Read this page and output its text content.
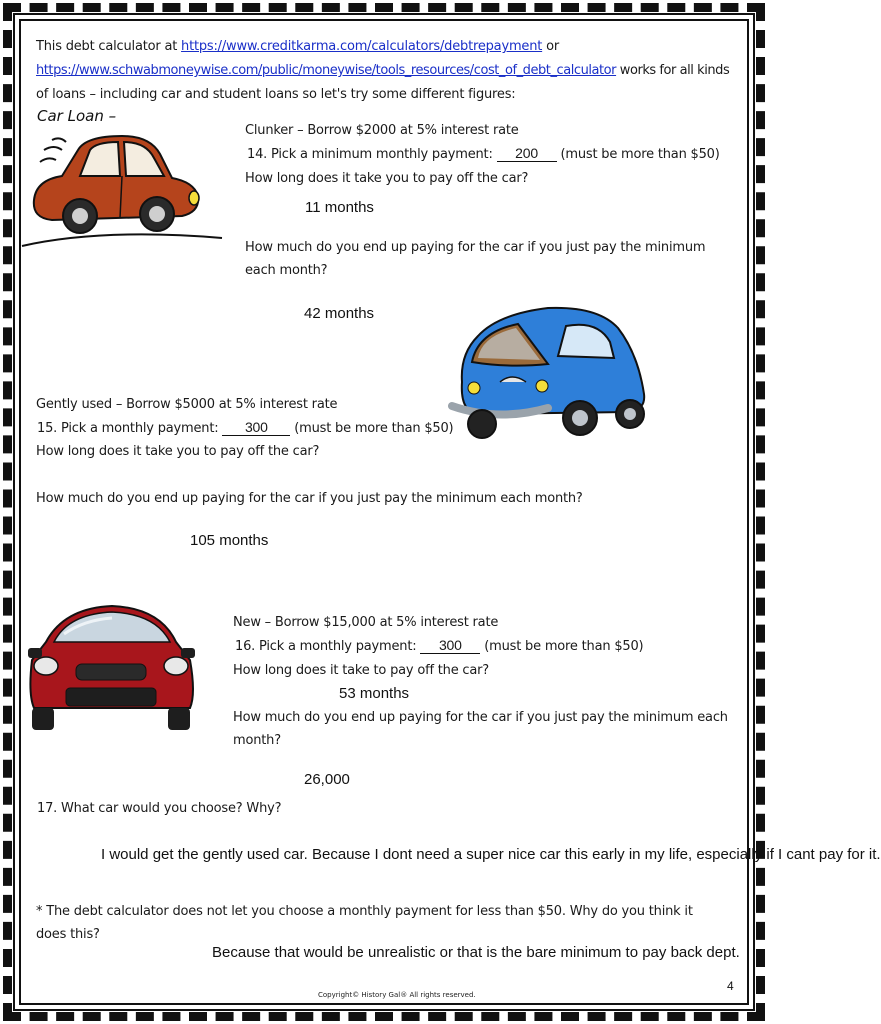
This debt calculator at https://www.creditkarma.com/calculators/debtrepayment or
https://www.schwabmoneywise.com/public/moneywise/tools_resources/cost_of_debt_calculator works for all kinds
of loans – including car and student loans so let's try some different figures:
Car Loan –
Clunker – Borrow $2000 at 5% interest rate
14. Pick a minimum monthly payment: 200 (must be more than $50)
How long does it take you to pay off the car?
11 months
How much do you end up paying for the car if you just pay the minimum each month?
42 months
Gently used – Borrow $5000 at 5% interest rate
15. Pick a monthly payment: 300 (must be more than $50)
How long does it take you to pay off the car?
How much do you end up paying for the car if you just pay the minimum each month?
105 months
New – Borrow $15,000 at 5% interest rate
16. Pick a monthly payment: 300 (must be more than $50)
How long does it take to pay off the car?
53 months
How much do you end up paying for the car if you just pay the minimum each month?
26,000
17. What car would you choose? Why?
I would get the gently used car. Because I dont need a super nice car this early in my life, especially if I cant pay for it.
* The debt calculator does not let you choose a monthly payment for less than $50. Why do you think it does this?
Because that would be unrealistic or that is the bare minimum to pay back dept.
4
Copyright© History Gal® All rights reserved.
